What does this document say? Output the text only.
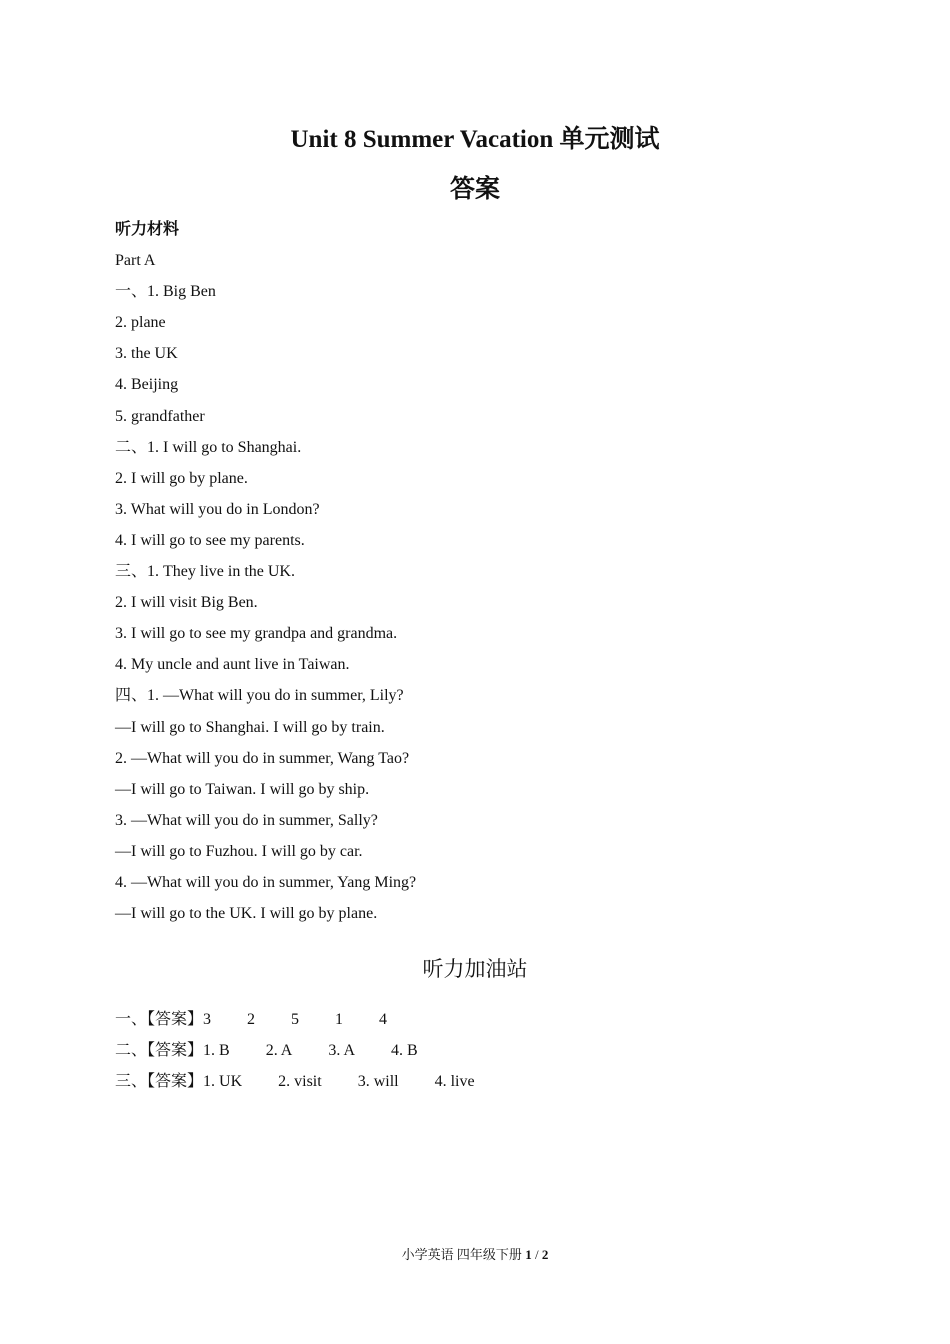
Unit 8 Summer Vacation 单元测试
答案
听力材料
Part A
一、1. Big Ben
2. plane
3. the UK
4. Beijing
5. grandfather
二、1. I will go to Shanghai.
2. I will go by plane.
3. What will you do in London?
4. I will go to see my parents.
三、1. They live in the UK.
2. I will visit Big Ben.
3. I will go to see my grandpa and grandma.
4. My uncle and aunt live in Taiwan.
四、1. —What will you do in summer, Lily?
—I will go to Shanghai. I will go by train.
2. —What will you do in summer, Wang Tao?
—I will go to Taiwan. I will go by ship.
3. —What will you do in summer, Sally?
—I will go to Fuzhou. I will go by car.
4. —What will you do in summer, Yang Ming?
—I will go to the UK. I will go by plane.
听力加油站
一、【答案】 3 2 5 1 4
二、【答案】 1. B 2. A 3. A 4. B
三、【答案】 1. UK 2. visit 3. will 4. live
小学英语 四年级下册 1 / 2
